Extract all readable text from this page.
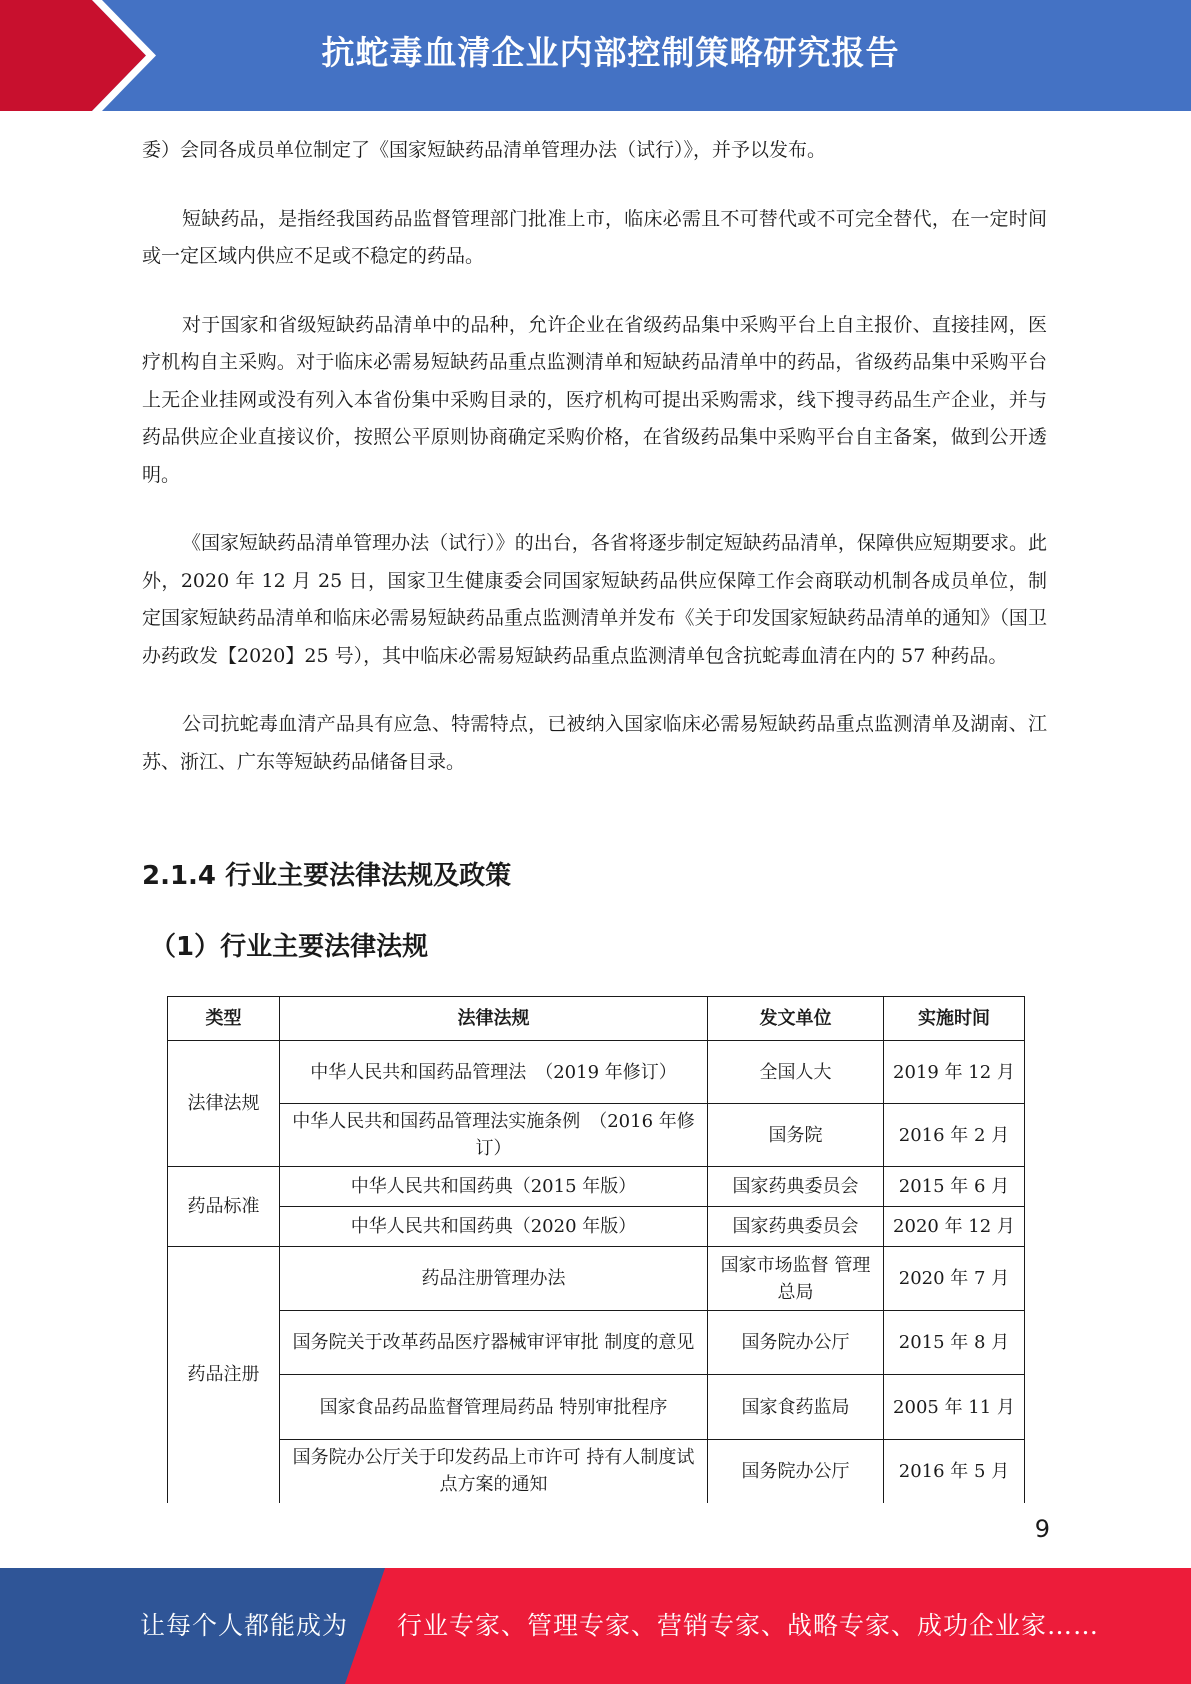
抗蛇毒血清企业内部控制策略研究报告

委）会同各成员单位制定了《国家短缺药品清单管理办法（试行）》，并予以发布。

短缺药品，是指经我国药品监督管理部门批准上市，临床必需且不可替代或不可完全替代，在一定时间或一定区域内供应不足或不稳定的药品。

对于国家和省级短缺药品清单中的品种，允许企业在省级药品集中采购平台上自主报价、直接挂网，医疗机构自主采购。对于临床必需易短缺药品重点监测清单和短缺药品清单中的药品，省级药品集中采购平台上无企业挂网或没有列入本省份集中采购目录的，医疗机构可提出采购需求，线下搜寻药品生产企业，并与药品供应企业直接议价，按照公平原则协商确定采购价格，在省级药品集中采购平台自主备案，做到公开透明。

《国家短缺药品清单管理办法（试行）》的出台，各省将逐步制定短缺药品清单，保障供应短期要求。此外，2020 年 12 月 25 日，国家卫生健康委会同国家短缺药品供应保障工作会商联动机制各成员单位，制定国家短缺药品清单和临床必需易短缺药品重点监测清单并发布《关于印发国家短缺药品清单的通知》（国卫办药政发【2020】25 号），其中临床必需易短缺药品重点监测清单包含抗蛇毒血清在内的 57 种药品。

公司抗蛇毒血清产品具有应急、特需特点，已被纳入国家临床必需易短缺药品重点监测清单及湖南、江苏、浙江、广东等短缺药品储备目录。

2.1.4 行业主要法律法规及政策
（1）行业主要法律法规
类型	法律法规	发文单位	实施时间
法律法规	中华人民共和国药品管理法　（2019 年修订）	全国人大	2019 年 12 月
	中华人民共和国药品管理法实施条例　（2016 年修订）	国务院	2016 年 2 月
药品标准	中华人民共和国药典（2015 年版）	国家药典委员会	2015 年 6 月
	中华人民共和国药典（2020 年版）	国家药典委员会	2020 年 12 月
药品注册	药品注册管理办法	国家市场监督 管理总局	2020 年 7 月
	国务院关于改革药品医疗器械审评审批 制度的意见	国务院办公厅	2015 年 8 月
	国家食品药品监督管理局药品 特别审批程序	国家食药监局	2005 年 11 月
	国务院办公厅关于印发药品上市许可 持有人制度试点方案的通知	国务院办公厅	2016 年 5 月
9
让每个人都能成为 行业专家、管理专家、营销专家、战略专家、成功企业家……
